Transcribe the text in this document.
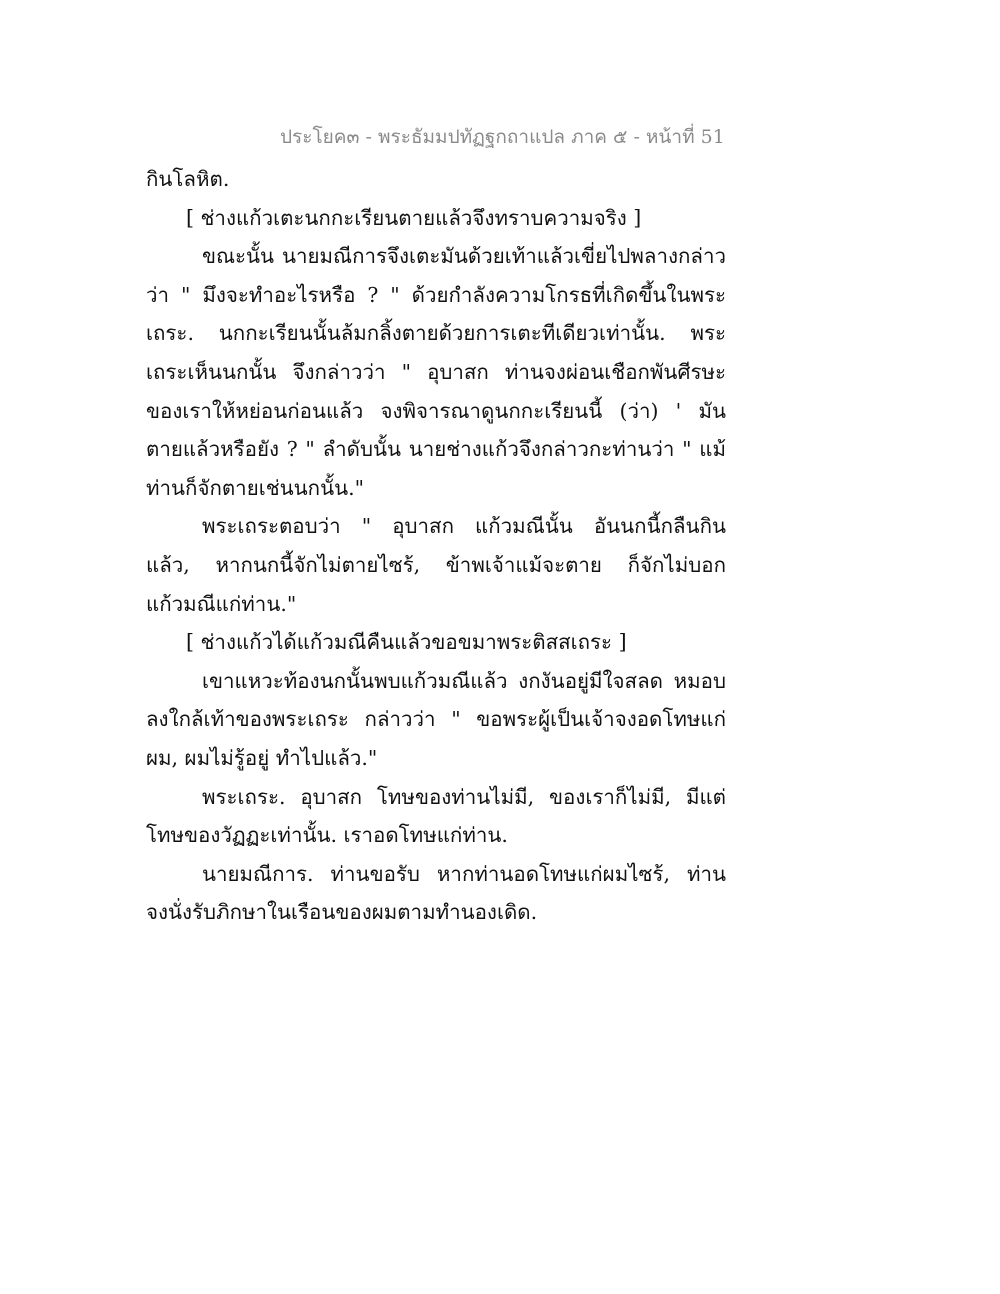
ประโยค๓ - พระธัมมปทัฏฐกถาแปล ภาค ๕ - หน้าที่ 51
กินโลหิต.
[ ช่างแก้วเตะนกกะเรียนตายแล้วจึงทราบความจริง ]
ขณะนั้น นายมณีการจึงเตะมันด้วยเท้าแล้วเขี่ยไปพลางกล่าว
ว่า " มึงจะทำอะไรหรือ ? " ด้วยกำลังความโกรธที่เกิดขึ้นในพระ
เถระ. นกกะเรียนนั้นล้มกลิ้งตายด้วยการเตะทีเดียวเท่านั้น. พระ
เถระเห็นนกนั้น จึงกล่าวว่า " อุบาสก ท่านจงผ่อนเชือกพันศีรษะ
ของเราให้หย่อนก่อนแล้ว จงพิจารณาดูนกกะเรียนนี้ (ว่า) ' มัน
ตายแล้วหรือยัง ? " ลำดับนั้น นายช่างแก้วจึงกล่าวกะท่านว่า " แม้
ท่านก็จักตายเช่นนกนั้น."
พระเถระตอบว่า " อุบาสก แก้วมณีนั้น อันนกนี้กลืนกิน
แล้ว, หากนกนี้จักไม่ตายไซร้, ข้าพเจ้าแม้จะตาย ก็จักไม่บอก
แก้วมณีแก่ท่าน."
[ ช่างแก้วได้แก้วมณีคืนแล้วขอขมาพระติสสเถระ ]
เขาแหวะท้องนกนั้นพบแก้วมณีแล้ว งกงันอยู่มีใจสลด หมอบ
ลงใกล้เท้าของพระเถระ กล่าวว่า " ขอพระผู้เป็นเจ้าจงอดโทษแก่
ผม, ผมไม่รู้อยู่ ทำไปแล้ว."
พระเถระ. อุบาสก โทษของท่านไม่มี, ของเราก็ไม่มี, มีแต่
โทษของวัฏฏะเท่านั้น. เราอดโทษแก่ท่าน.
นายมณีการ. ท่านขอรับ หากท่านอดโทษแก่ผมไซร้, ท่าน
จงนั่งรับภิกษาในเรือนของผมตามทำนองเดิด.
